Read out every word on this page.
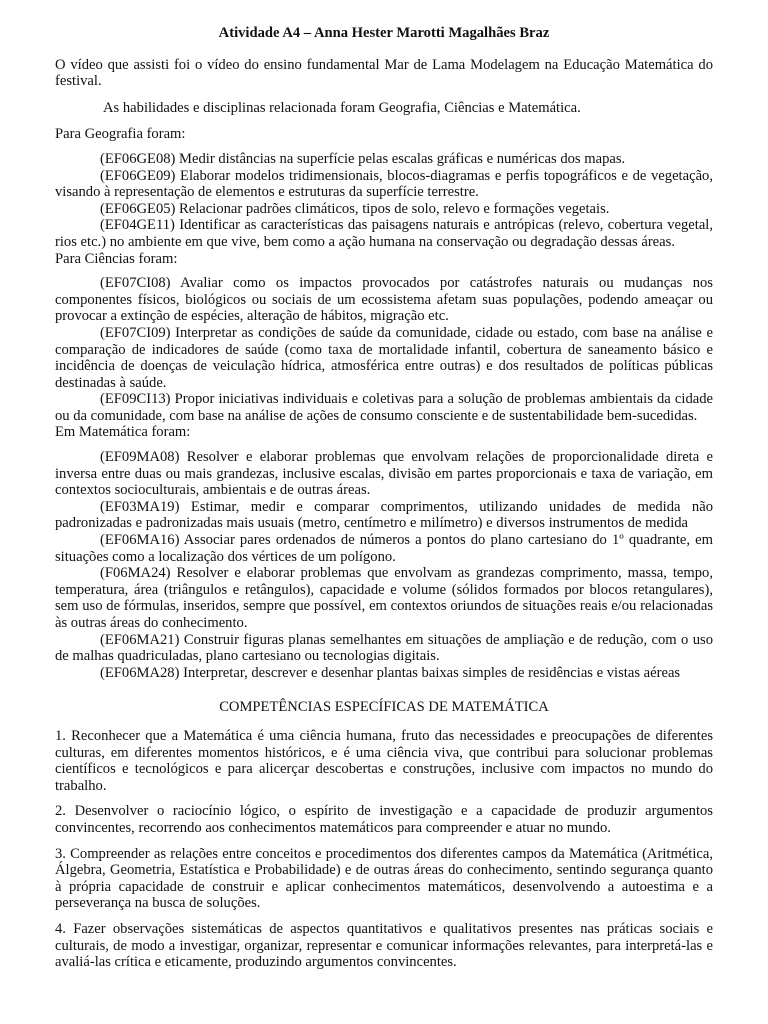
Atividade A4 – Anna Hester Marotti Magalhães Braz

O vídeo que assisti foi o vídeo do ensino fundamental Mar de Lama Modelagem na Educação Matemática do festival.

As habilidades e disciplinas relacionada foram Geografia, Ciências e Matemática.

Para Geografia foram:

(EF06GE08) Medir distâncias na superfície pelas escalas gráficas e numéricas dos mapas.

(EF06GE09) Elaborar modelos tridimensionais, blocos-diagramas e perfis topográficos e de vegetação, visando à representação de elementos e estruturas da superfície terrestre.

(EF06GE05) Relacionar padrões climáticos, tipos de solo, relevo e formações vegetais.

(EF04GE11) Identificar as características das paisagens naturais e antrópicas (relevo, cobertura vegetal, rios etc.) no ambiente em que vive, bem como a ação humana na conservação ou degradação dessas áreas.

Para Ciências foram:

(EF07CI08) Avaliar como os impactos provocados por catástrofes naturais ou mudanças nos componentes físicos, biológicos ou sociais de um ecossistema afetam suas populações, podendo ameaçar ou provocar a extinção de espécies, alteração de hábitos, migração etc.

(EF07CI09) Interpretar as condições de saúde da comunidade, cidade ou estado, com base na análise e comparação de indicadores de saúde (como taxa de mortalidade infantil, cobertura de saneamento básico e incidência de doenças de veiculação hídrica, atmosférica entre outras) e dos resultados de políticas públicas destinadas à saúde.

(EF09CI13) Propor iniciativas individuais e coletivas para a solução de problemas ambientais da cidade ou da comunidade, com base na análise de ações de consumo consciente e de sustentabilidade bem-sucedidas.

Em Matemática foram:

(EF09MA08) Resolver e elaborar problemas que envolvam relações de proporcionalidade direta e inversa entre duas ou mais grandezas, inclusive escalas, divisão em partes proporcionais e taxa de variação, em contextos socioculturais, ambientais e de outras áreas.

(EF03MA19) Estimar, medir e comparar comprimentos, utilizando unidades de medida não padronizadas e padronizadas mais usuais (metro, centímetro e milímetro) e diversos instrumentos de medida

(EF06MA16) Associar pares ordenados de números a pontos do plano cartesiano do 1º quadrante, em situações como a localização dos vértices de um polígono.

(F06MA24) Resolver e elaborar problemas que envolvam as grandezas comprimento, massa, tempo, temperatura, área (triângulos e retângulos), capacidade e volume (sólidos formados por blocos retangulares), sem uso de fórmulas, inseridos, sempre que possível, em contextos oriundos de situações reais e/ou relacionadas às outras áreas do conhecimento.

(EF06MA21) Construir figuras planas semelhantes em situações de ampliação e de redução, com o uso de malhas quadriculadas, plano cartesiano ou tecnologias digitais.

(EF06MA28) Interpretar, descrever e desenhar plantas baixas simples de residências e vistas aéreas

COMPETÊNCIAS ESPECÍFICAS DE MATEMÁTICA

1. Reconhecer que a Matemática é uma ciência humana, fruto das necessidades e preocupações de diferentes culturas, em diferentes momentos históricos, e é uma ciência viva, que contribui para solucionar problemas científicos e tecnológicos e para alicerçar descobertas e construções, inclusive com impactos no mundo do trabalho.

2. Desenvolver o raciocínio lógico, o espírito de investigação e a capacidade de produzir argumentos convincentes, recorrendo aos conhecimentos matemáticos para compreender e atuar no mundo.

3. Compreender as relações entre conceitos e procedimentos dos diferentes campos da Matemática (Aritmética, Álgebra, Geometria, Estatística e Probabilidade) e de outras áreas do conhecimento, sentindo segurança quanto à própria capacidade de construir e aplicar conhecimentos matemáticos, desenvolvendo a autoestima e a perseverança na busca de soluções.

4. Fazer observações sistemáticas de aspectos quantitativos e qualitativos presentes nas práticas sociais e culturais, de modo a investigar, organizar, representar e comunicar informações relevantes, para interpretá-las e avaliá-las crítica e eticamente, produzindo argumentos convincentes.
